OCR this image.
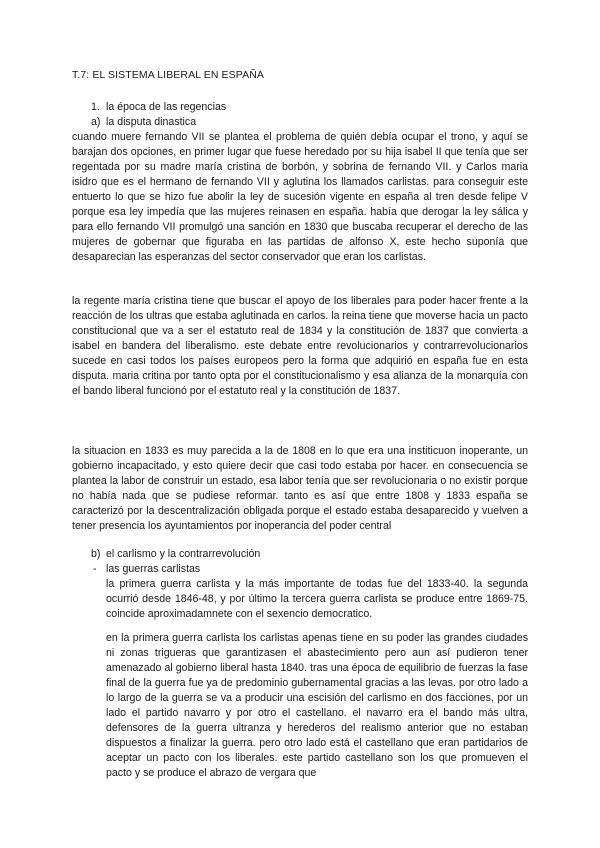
T.7: EL SISTEMA LIBERAL EN ESPAÑA
1. la época de las regencias
a) la disputa dinastica

cuando muere fernando VII se plantea el problema de quién debía ocupar el trono, y aquí se barajan dos opciones, en primer lugar que fuese heredado por su hija isabel II que tenía que ser regentada por su madre maría cristina de borbón, y sobrina de fernando VII. y Carlos maria isidro que es el hermano de fernando VII y aglutina los llamados carlistas. para conseguir este entuerto lo que se hizo fue abolir la ley de sucesión vigente en españa al tren desde felipe V porque esa ley impedía que las mujeres reinasen en españa. había que derogar la ley sálica y para ello fernando VII promulgó una sanción en 1830 que buscaba recuperar el derecho de las mujeres de gobernar que figuraba en las partidas de alfonso X, este hecho suponía que desaparecian las esperanzas del sector conservador que eran los carlistas.

la regente maría cristina tiene que buscar el apoyo de los liberales para poder hacer frente a la reacción de los ultras que estaba aglutinada en carlos. la reina tiene que moverse hacia un pacto constitucional que va a ser el estatuto real de 1834 y la constitución de 1837 que convierta a isabel en bandera del liberalismo. este debate entre revolucionarios y contrarrevolucionarios sucede en casi todos los países europeos pero la forma que adquirió en españa fue en esta disputa. maria critina por tanto opta por el constitucionalismo y esa alianza de la monarquía con el bando liberal funcionó por el estatuto real y la constitución de 1837.

la situacion en 1833 es muy parecida a la de 1808 en lo que era una institicuon inoperante, un gobierno incapacitado, y esto quiere decir que casi todo estaba por hacer. en consecuencia se plantea la labor de construir un estado, esa labor tenía que ser revolucionaria o no existir porque no había nada que se pudiese reformar. tanto es así que entre 1808 y 1833 españa se caracterizó por la descentralización obligada porque el estado estaba desaparecido y vuelven a tener presencia los ayuntamientos por inoperancia del poder central

b) el carlismo y la contrarrevolución
- las guerras carlistas

la primera guerra carlista y la más importante de todas fue del 1833-40. la segunda ocurrió desde 1846-48, y por último la tercera guerra carlista se produce entre 1869-75. coincide aproximadamnete con el sexencio democratico.

en la primera guerra carlista los carlistas apenas tiene en su poder las grandes ciudades ni zonas trigueras que garantizasen el abastecimiento pero aun así pudieron tener amenazado al gobierno liberal hasta 1840. tras una época de equilibrio de fuerzas la fase final de la guerra fue ya de predominio gubernamental gracias a las levas. por otro lado a lo largo de la guerra se va a producir una escisión del carlismo en dos facciones, por un lado el partido navarro y por otro el castellano. el navarro era el bando más ultra, defensores de la guerra ultranza y herederos del realismo anterior que no estaban dispuestos a finalizar la guerra. pero otro lado está el castellano que eran partidarios de aceptar un pacto con los liberales. este partido castellano son los que promueven el pacto y se produce el abrazo de vergara que
